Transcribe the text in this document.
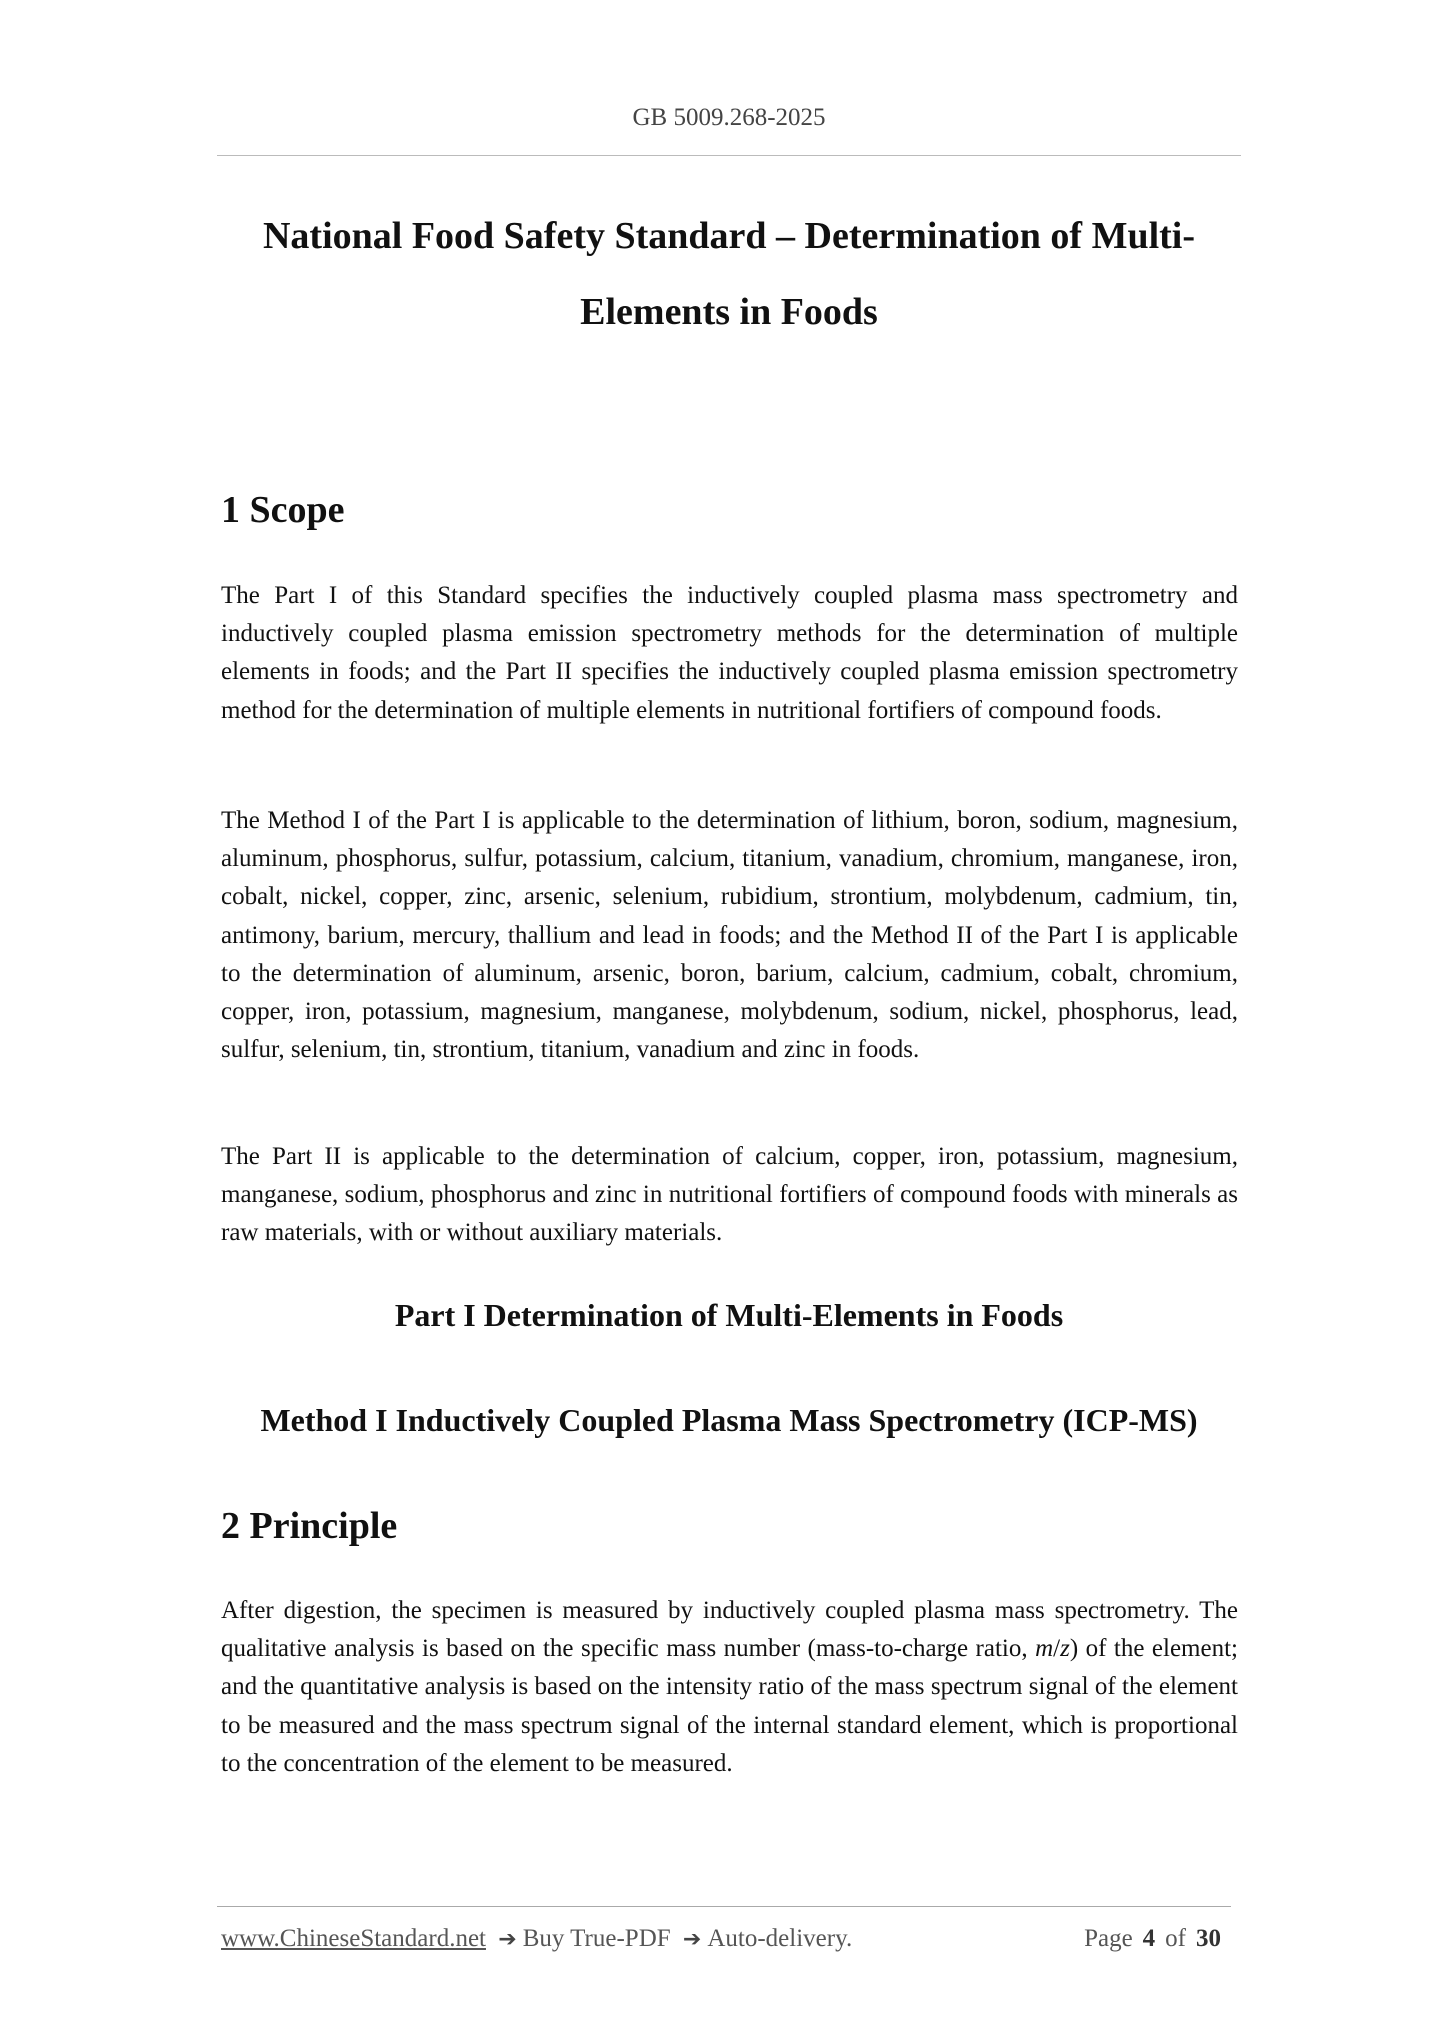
GB 5009.268-2025
National Food Safety Standard – Determination of Multi-
Elements in Foods
1 Scope

The Part I of this Standard specifies the inductively coupled plasma mass spectrometry and inductively coupled plasma emission spectrometry methods for the determination of multiple elements in foods; and the Part II specifies the inductively coupled plasma emission spectrometry method for the determination of multiple elements in nutritional fortifiers of compound foods.

The Method I of the Part I is applicable to the determination of lithium, boron, sodium, magnesium, aluminum, phosphorus, sulfur, potassium, calcium, titanium, vanadium, chromium, manganese, iron, cobalt, nickel, copper, zinc, arsenic, selenium, rubidium, strontium, molybdenum, cadmium, tin, antimony, barium, mercury, thallium and lead in foods; and the Method II of the Part I is applicable to the determination of aluminum, arsenic, boron, barium, calcium, cadmium, cobalt, chromium, copper, iron, potassium, magnesium, manganese, molybdenum, sodium, nickel, phosphorus, lead, sulfur, selenium, tin, strontium, titanium, vanadium and zinc in foods.

The Part II is applicable to the determination of calcium, copper, iron, potassium, magnesium, manganese, sodium, phosphorus and zinc in nutritional fortifiers of compound foods with minerals as raw materials, with or without auxiliary materials.

Part I Determination of Multi-Elements in Foods
Method I Inductively Coupled Plasma Mass Spectrometry (ICP-MS)
2 Principle

After digestion, the specimen is measured by inductively coupled plasma mass spectrometry. The qualitative analysis is based on the specific mass number (mass-to-charge ratio, m/z) of the element; and the quantitative analysis is based on the intensity ratio of the mass spectrum signal of the element to be measured and the mass spectrum signal of the internal standard element, which is proportional to the concentration of the element to be measured.

www.ChineseStandard.net ➔ Buy True-PDF ➔ Auto-delivery.	Page 4 of 30
